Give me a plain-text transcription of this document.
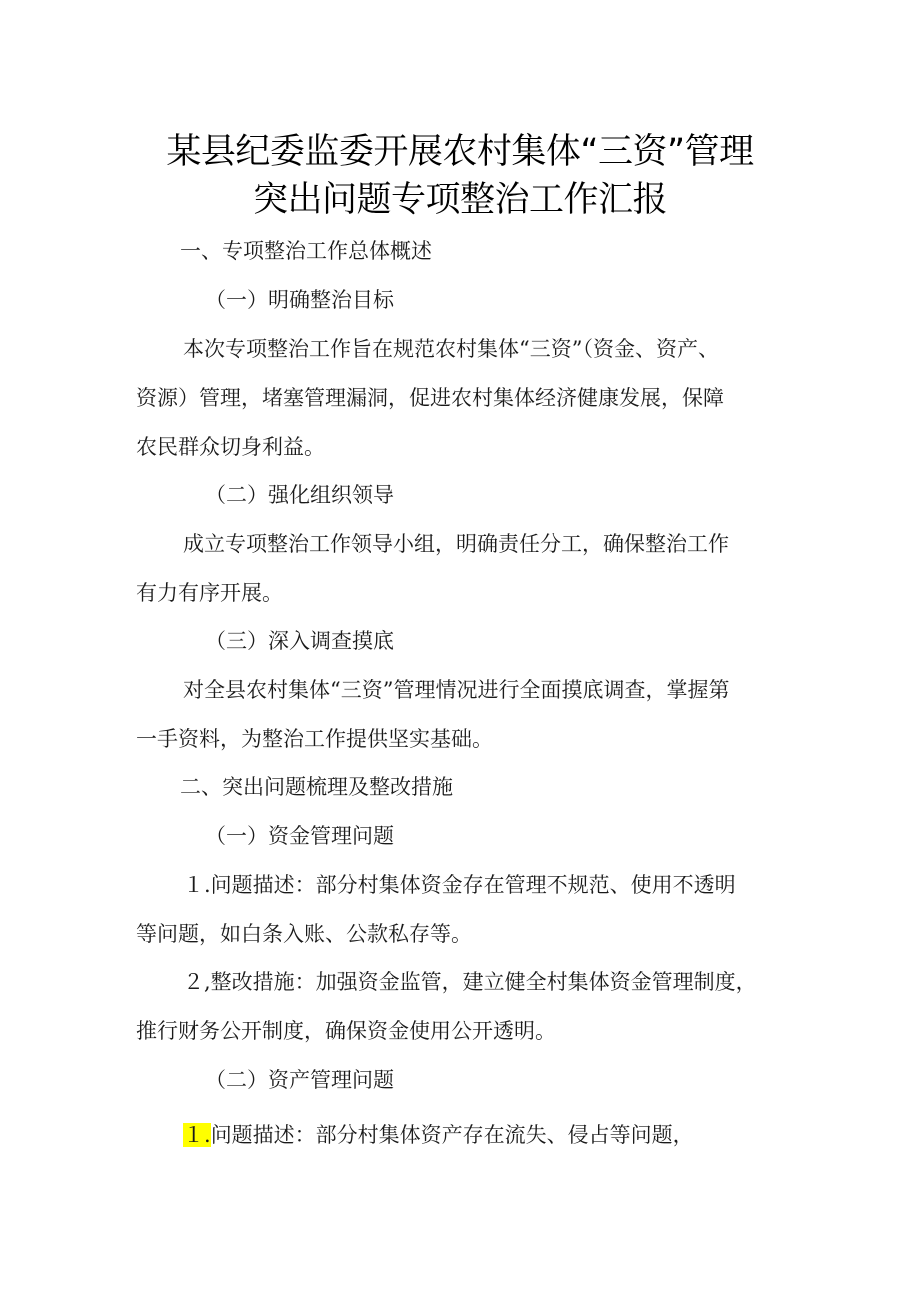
某县纪委监委开展农村集体“三资”管理
突出问题专项整治工作汇报
一、专项整治工作总体概述
（一）明确整治目标
本次专项整治工作旨在规范农村集体“三资”（资金、资产、
资源）管理，堵塞管理漏洞，促进农村集体经济健康发展，保障
农民群众切身利益。
（二）强化组织领导
成立专项整治工作领导小组，明确责任分工，确保整治工作
有力有序开展。
（三）深入调查摸底
对全县农村集体“三资”管理情况进行全面摸底调查，掌握第
一手资料，为整治工作提供坚实基础。
二、突出问题梳理及整改措施
（一）资金管理问题
１.问题描述：部分村集体资金存在管理不规范、使用不透明
等问题，如白条入账、公款私存等。
２,整改措施：加强资金监管，建立健全村集体资金管理制度，
推行财务公开制度，确保资金使用公开透明。
（二）资产管理问题
１.问题描述：部分村集体资产存在流失、侵占等问题，
